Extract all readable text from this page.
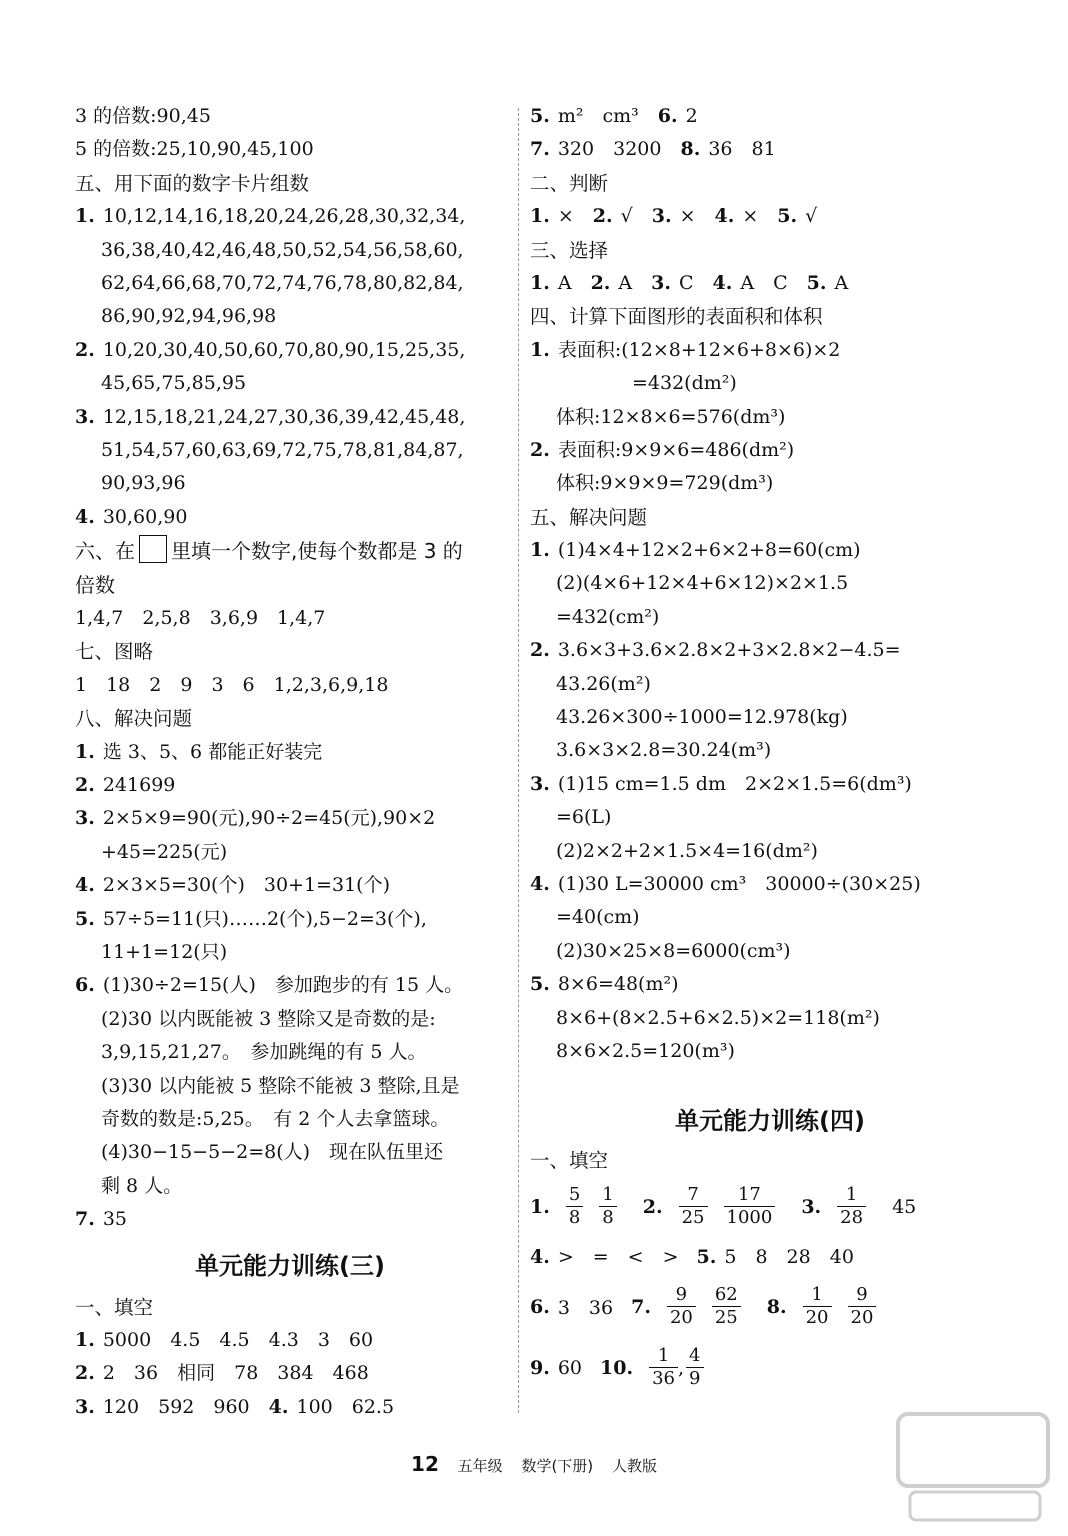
3 的倍数:90,45
5 的倍数:25,10,90,45,100
五、用下面的数字卡片组数
1. 10,12,14,16,18,20,24,26,28,30,32,34,
36,38,40,42,46,48,50,52,54,56,58,60,
62,64,66,68,70,72,74,76,78,80,82,84,
86,90,92,94,96,98
2. 10,20,30,40,50,60,70,80,90,15,25,35,
45,65,75,85,95
3. 12,15,18,21,24,27,30,36,39,42,45,48,
51,54,57,60,63,69,72,75,78,81,84,87,
90,93,96
4. 30,60,90
六、在 里填一个数字,使每个数都是 3 的
倍数
1,4,7　2,5,8　3,6,9　1,4,7
七、图略
1　18　2　9　3　6　1,2,3,6,9,18
八、解决问题
1. 选 3、5、6 都能正好装完
2. 241699
3. 2×5×9=90(元),90÷2=45(元),90×2
+45=225(元)
4. 2×3×5=30(个)　30+1=31(个)
5. 57÷5=11(只)……2(个),5−2=3(个),
11+1=12(只)
6. (1)30÷2=15(人)　参加跑步的有 15 人。
(2)30 以内既能被 3 整除又是奇数的是:
3,9,15,21,27。　参加跳绳的有 5 人。
(3)30 以内能被 5 整除不能被 3 整除,且是
奇数的数是:5,25。　有 2 个人去拿篮球。
(4)30−15−5−2=8(人)　现在队伍里还
剩 8 人。
7. 35
单元能力训练(三)
一、填空
1. 5000　4.5　4.5　4.3　3　60
2. 2　36　相同　78　384　468
3. 120　592　960　4. 100　62.5
5. m²　cm³　6. 2
7. 320　3200　8. 36　81
二、判断
1. ×　2. √　3. ×　4. ×　5. √
三、选择
1. A　2. A　3. C　4. A　C　5. A
四、计算下面图形的表面积和体积
1. 表面积:(12×8+12×6+8×6)×2
　　　　=432(dm²)
体积:12×8×6=576(dm³)
2. 表面积:9×9×6=486(dm²)
体积:9×9×9=729(dm³)
五、解决问题
1. (1)4×4+12×2+6×2+8=60(cm)
(2)(4×6+12×4+6×12)×2×1.5
=432(cm²)
2. 3.6×3+3.6×2.8×2+3×2.8×2−4.5=
43.26(m²)
43.26×300÷1000=12.978(kg)
3.6×3×2.8=30.24(m³)
3. (1)15 cm=1.5 dm　2×2×1.5=6(dm³)
=6(L)
(2)2×2+2×1.5×4=16(dm²)
4. (1)30 L=30000 cm³　30000÷(30×25)
=40(cm)
(2)30×25×8=6000(cm³)
5. 8×6=48(m²)
8×6+(8×2.5+6×2.5)×2=118(m²)
8×6×2.5=120(m³)
单元能力训练(四)
一、填空
1. $\frac{5}{8} \frac{1}{8} 2$. $\frac{7}{25} \frac{17}{1000} 3$. $\frac{1}{28} 45$
4. >　=　<　> 5. 5　8　28　40
6. 3　36 7. $\frac{9}{20} \frac{62}{25} 8$. $\frac{1}{20} \frac{9}{20}$
9. 60 10. $\frac{1}{36}$ , $\frac{4}{9}$
12 五年级 数学(下册) 人教版
